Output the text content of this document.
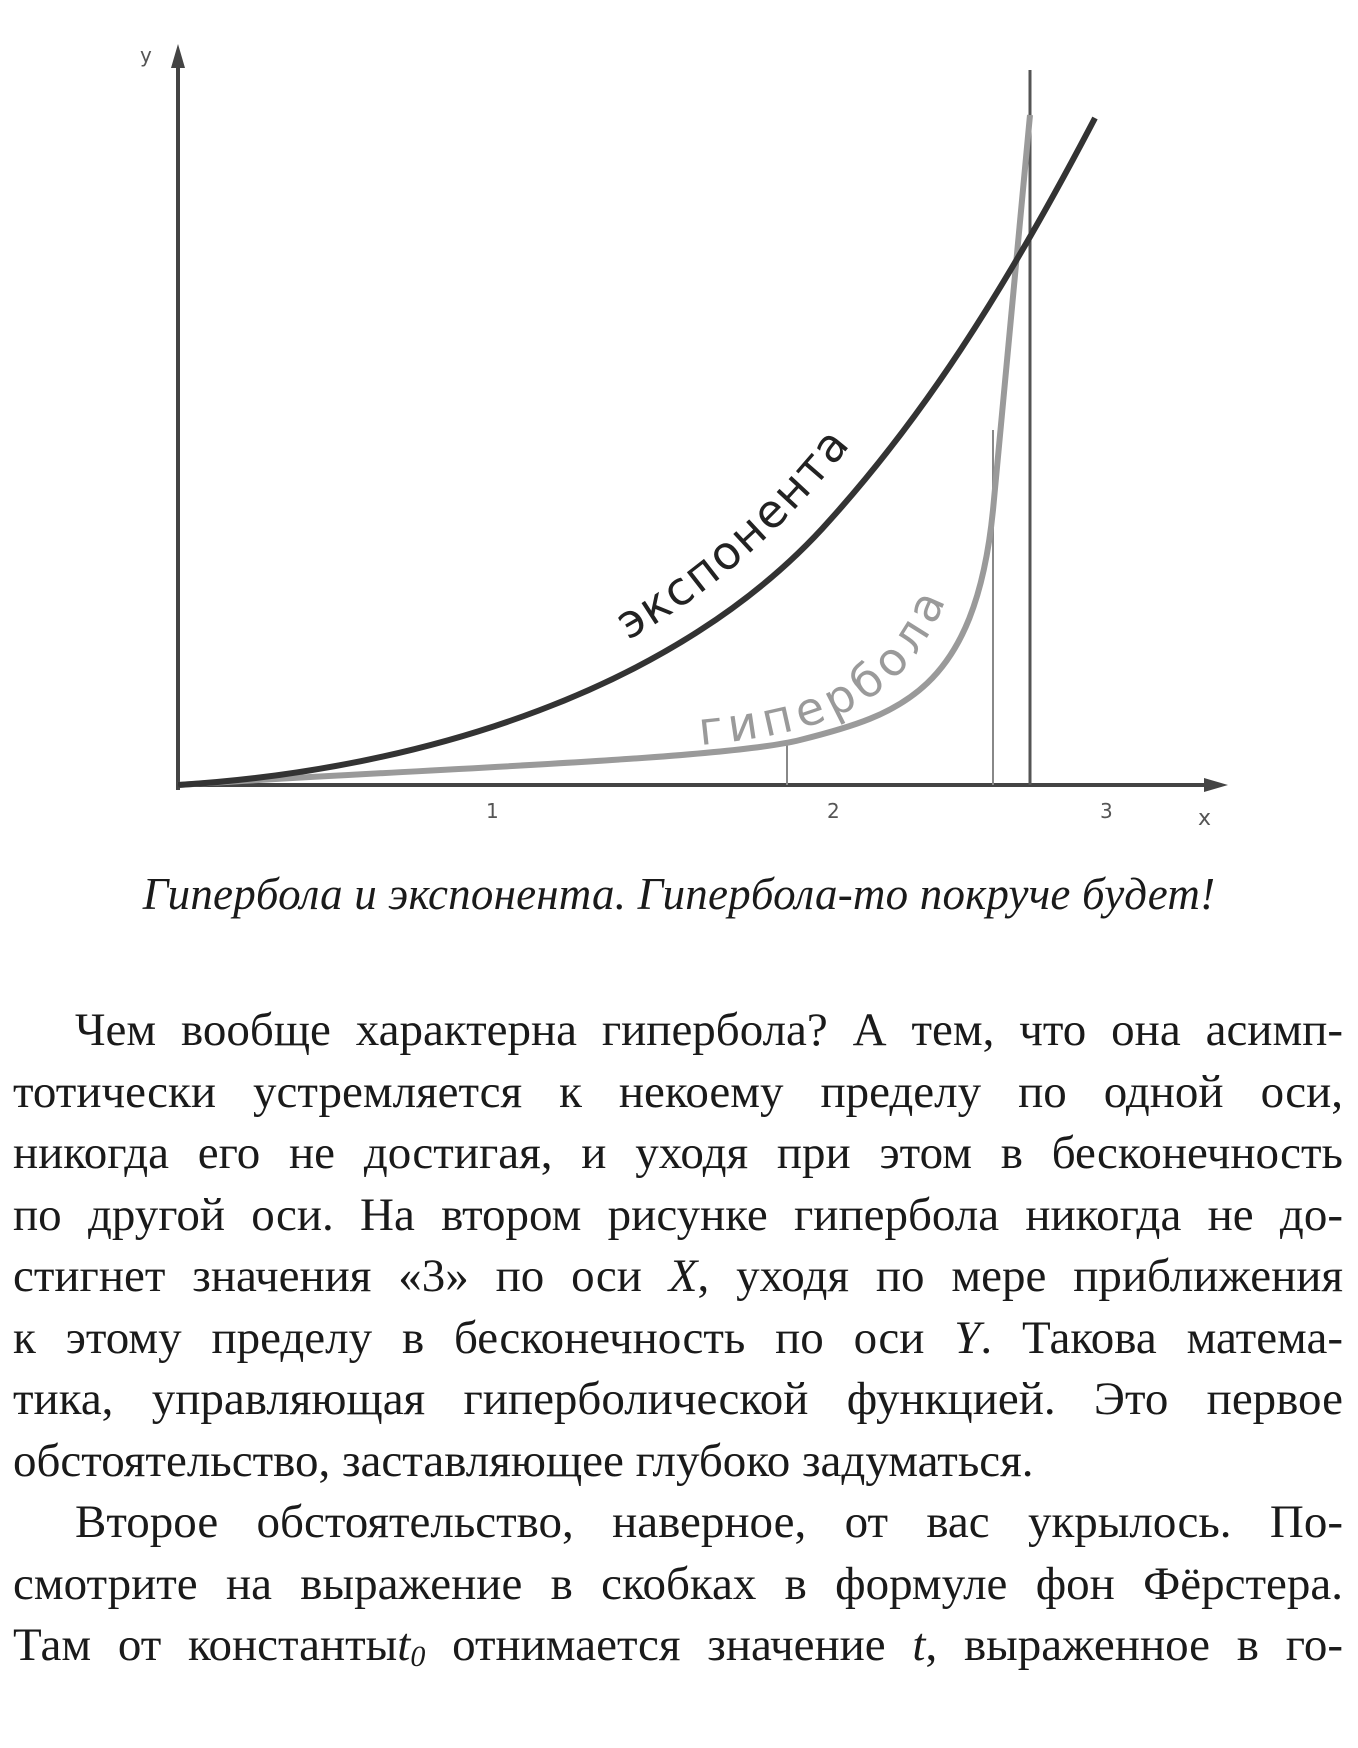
y
x
1	2	3
экспонента
гипербола
Гипербола и экспонента. Гипербола-то покруче будет!
Чем вообще характерна гипербола? А тем, что она асимп-
тотически устремляется к некоему пределу по одной оси,
никогда его не достигая, и уходя при этом в бесконечность
по другой оси. На втором рисунке гипербола никогда не до-
стигнет значения «3» по оси X, уходя по мере приближения
к этому пределу в бесконечность по оси Y. Такова матема-
тика, управляющая гиперболической функцией. Это первое
обстоятельство, заставляющее глубоко задуматься.
Второе обстоятельство, наверное, от вас укрылось. По-
смотрите на выражение в скобках в формуле фон Фёрстера.
Там от константыt$_0$ отнимается значение t, выраженное в го-
